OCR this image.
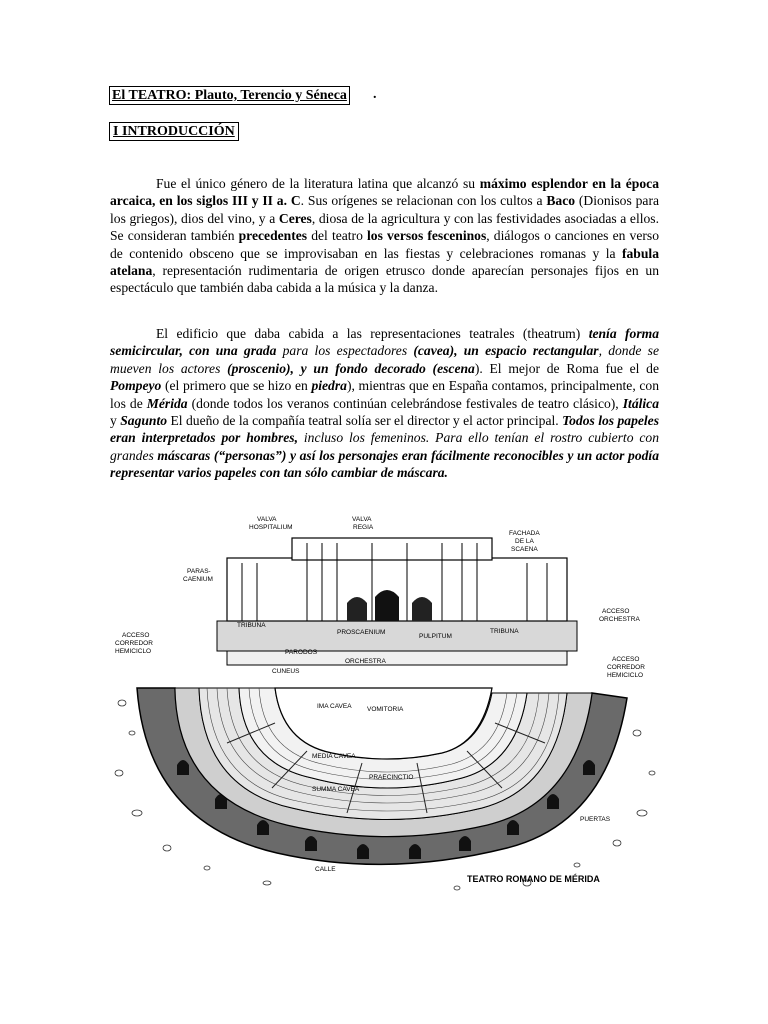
El TEATRO: Plauto, Terencio y Séneca .
I INTRODUCCIÓN

Fue el único género de la literatura latina que alcanzó su máximo esplendor en la época arcaica, en los siglos III y II a. C. Sus orígenes se relacionan con los cultos a Baco (Dionisos para los griegos), dios del vino, y a Ceres, diosa de la agricultura y con las festividades asociadas a ellos. Se consideran también precedentes del teatro los versos fesceninos, diálogos o canciones en verso de contenido obsceno que se improvisaban en las fiestas y celebraciones romanas y la fabula atelana, representación rudimentaria de origen etrusco donde aparecían personajes fijos en un espectáculo que también daba cabida a la música y la danza.

El edificio que daba cabida a las representaciones teatrales (theatrum) tenía forma semicircular, con una grada para los espectadores (cavea), un espacio rectangular, donde se mueven los actores (proscenio), y un fondo decorado (escena). El mejor de Roma fue el de Pompeyo (el primero que se hizo en piedra), mientras que en España contamos, principalmente, con los de Mérida (donde todos los veranos continúan celebrándose festivales de teatro clásico), Itálica y Sagunto El dueño de la compañía teatral solía ser el director y el actor principal. Todos los papeles eran interpretados por hombres, incluso los femeninos. Para ello tenían el rostro cubierto con grandes máscaras (“personas”) y así los personajes eran fácilmente reconocibles y un actor podía representar varios papeles con tan sólo cambiar de máscara.

VALVA
HOSPITALIUM
VALVA
REGIA
FACHADA
DE LA
SCAENA
PARAS-
CAENIUM
ACCESO
ORCHESTRA
TRIBUNA
TRIBUNA
PROSCAENIUM
PULPITUM
ACCESO
CORREDOR
HEMICICLO
ACCESO
CORREDOR
HEMICICLO
PARODOS
ORCHESTRA
CUNEUS
IMA CAVEA VOMITORIA
MEDIA CAVEA
PRAECINCTIO
SUMMA CAVEA
PUERTAS
CALLE
TEATRO ROMANO DE MÉRIDA
